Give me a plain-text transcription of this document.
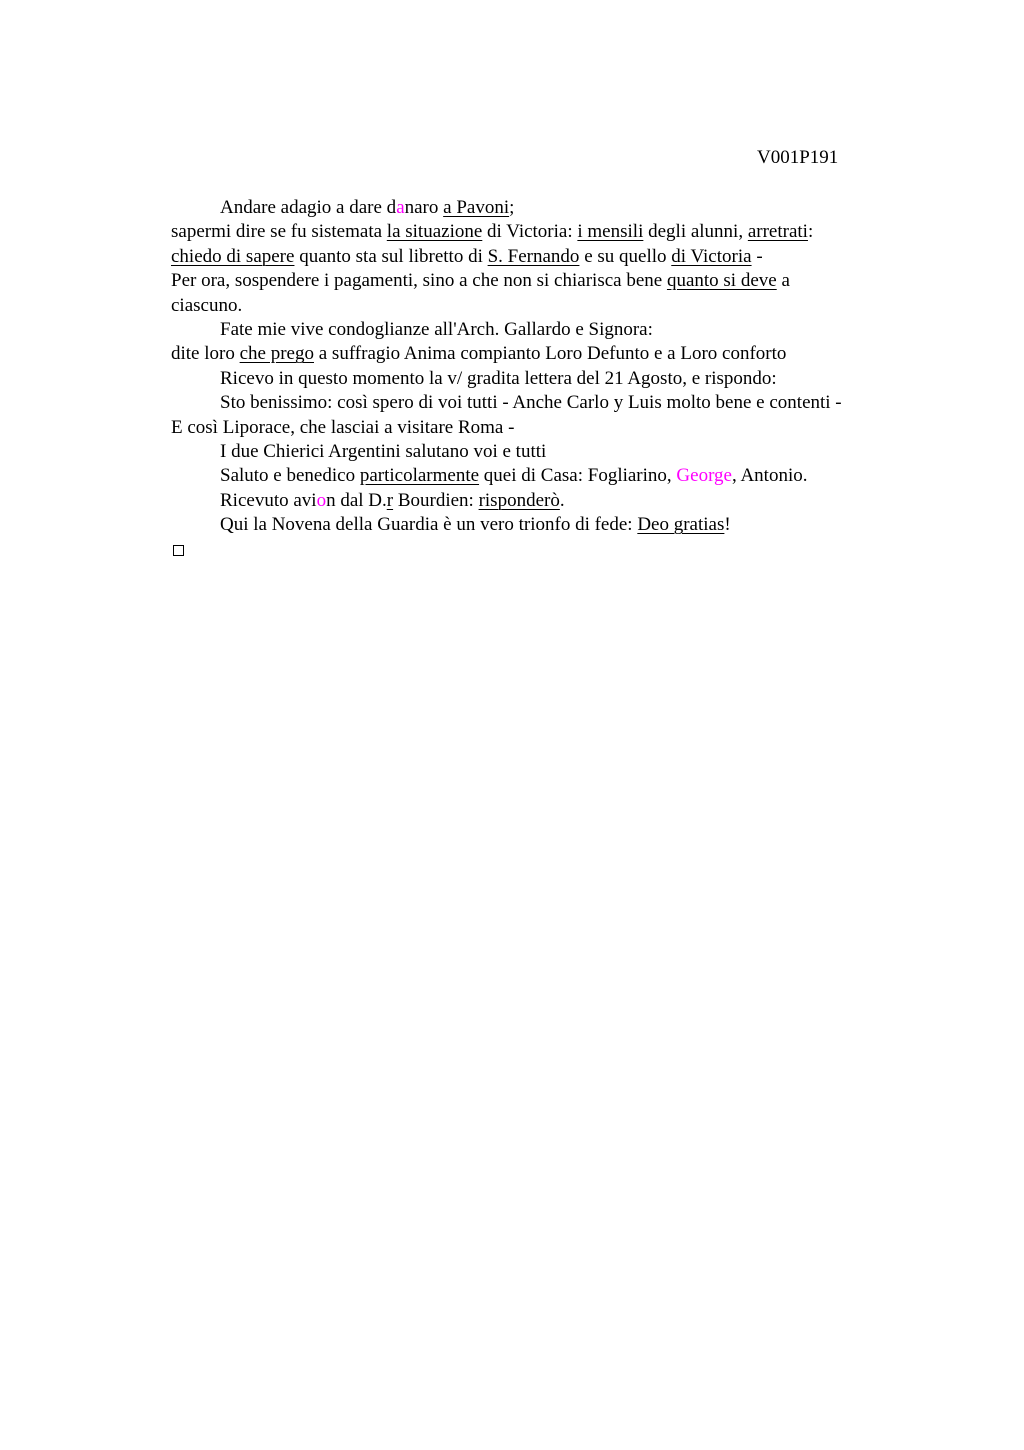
V001P191
Andare adagio a dare danaro a Pavoni;
sapermi dire se fu sistemata la situazione di Victoria: i mensili degli alunni, arretrati:
chiedo di sapere quanto sta sul libretto di S. Fernando e su quello di Victoria -
Per ora, sospendere i pagamenti, sino a che non si chiarisca bene quanto si deve a
ciascuno.
Fate mie vive condoglianze all'Arch. Gallardo e Signora:
dite loro che prego a suffragio Anima compianto Loro Defunto e a Loro conforto
Ricevo in questo momento la v/ gradita lettera del 21 Agosto, e rispondo:
Sto benissimo: così spero di voi tutti - Anche Carlo y Luis molto bene e contenti -
E così Liporace, che lasciai a visitare Roma -
I due Chierici Argentini salutano voi e tutti
Saluto e benedico particolarmente quei di Casa: Fogliarino, George, Antonio.
Ricevuto avion dal D.r Bourdien: risponderò.
Qui la Novena della Guardia è un vero trionfo di fede: Deo gratias!
